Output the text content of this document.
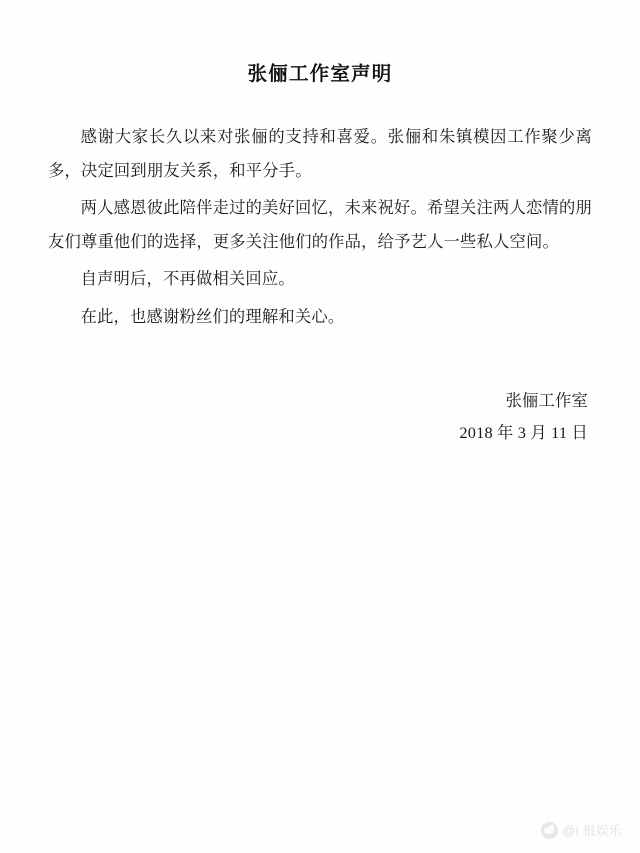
张俪工作室声明

感谢大家长久以来对张俪的支持和喜爱。张俪和朱镇模因工作聚少离多，决定回到朋友关系，和平分手。

两人感恩彼此陪伴走过的美好回忆，未来祝好。希望关注两人恋情的朋友们尊重他们的选择，更多关注他们的作品，给予艺人一些私人空间。

自声明后，不再做相关回应。

在此，也感谢粉丝们的理解和关心。

张俪工作室
2018 年 3 月 11 日
@i 很娱乐
